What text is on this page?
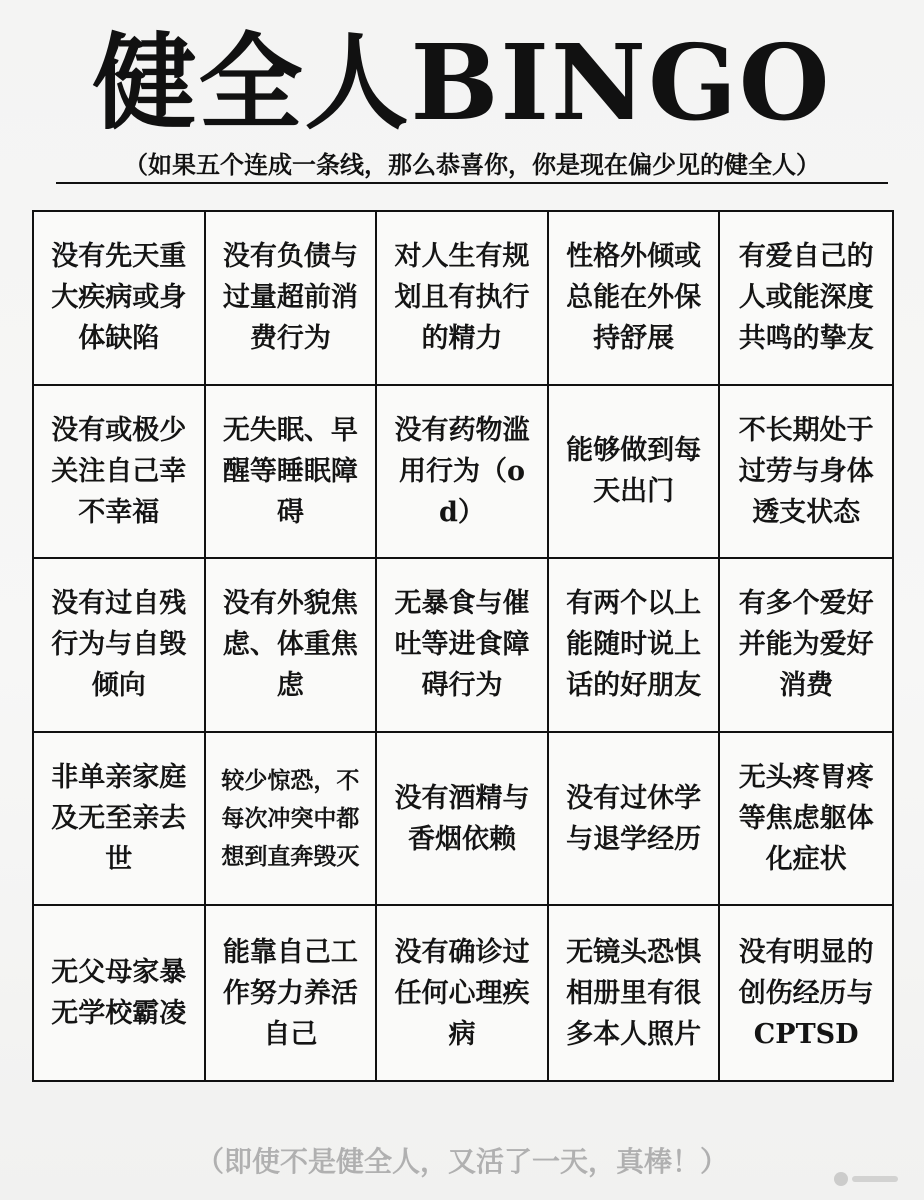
健全人BINGO
（如果五个连成一条线，那么恭喜你，你是现在偏少见的健全人）
没有先天重大疾病或身体缺陷
没有负债与过量超前消费行为
对人生有规划且有执行的精力
性格外倾或总能在外保持舒展
有爱自己的人或能深度共鸣的挚友
没有或极少关注自己幸不幸福
无失眠、早醒等睡眠障碍
没有药物滥用行为（od）
能够做到每天出门
不长期处于过劳与身体透支状态
没有过自残行为与自毁倾向
没有外貌焦虑、体重焦虑
无暴食与催吐等进食障碍行为
有两个以上能随时说上话的好朋友
有多个爱好并能为爱好消费
非单亲家庭及无至亲去世
较少惊恐，不每次冲突中都想到直奔毁灭
没有酒精与香烟依赖
没有过休学与退学经历
无头疼胃疼等焦虑躯体化症状
无父母家暴无学校霸凌
能靠自己工作努力养活自己
没有确诊过任何心理疾病
无镜头恐惧相册里有很多本人照片
没有明显的创伤经历与CPTSD
（即使不是健全人，又活了一天，真棒！）
